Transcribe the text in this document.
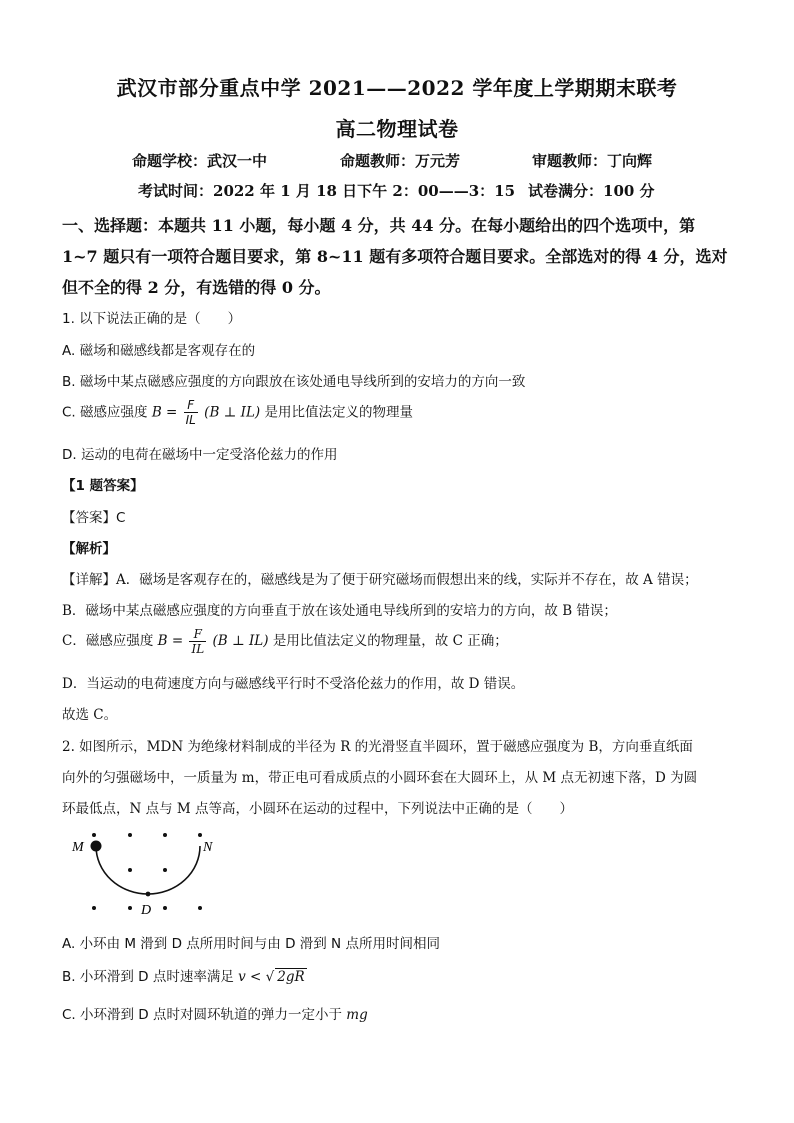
武汉市部分重点中学 2021——2022 学年度上学期期末联考
高二物理试卷
命题学校：武汉一中	命题教师：万元芳	审题教师：丁向辉
考试时间：2022 年 1 月 18 日下午 2：00——3：15 试卷满分：100 分
一、选择题：本题共 11 小题，每小题 4 分，共 44 分。在每小题给出的四个选项中，第 1~7 题只有一项符合题目要求，第 8~11 题有多项符合题目要求。全部选对的得 4 分，选对但不全的得 2 分，有选错的得 0 分。
1. 以下说法正确的是（　　）
A. 磁场和磁感线都是客观存在的
B. 磁场中某点磁感应强度的方向跟放在该处通电导线所到的安培力的方向一致
C. 磁感应强度 $B = \frac{F}{IL} (B$ ⊥ IL) 是用比值法定义的物理量
D. 运动的电荷在磁场中一定受洛伦兹力的作用
【1 题答案】
【答案】C
【解析】
【详解】A．磁场是客观存在的，磁感线是为了便于研究磁场而假想出来的线，实际并不存在，故 A 错误；
B．磁场中某点磁感应强度的方向垂直于放在该处通电导线所到的安培力的方向，故 B 错误；
C．磁感应强度 $B = \frac{F}{IL} (B$ ⊥ IL) 是用比值法定义的物理量，故 C 正确；
D．当运动的电荷速度方向与磁感线平行时不受洛伦兹力的作用，故 D 错误。
故选 C。
2. 如图所示，MDN 为绝缘材料制成的半径为 R 的光滑竖直半圆环，置于磁感应强度为 B，方向垂直纸面
向外的匀强磁场中，一质量为 m，带正电可看成质点的小圆环套在大圆环上，从 M 点无初速下落，D 为圆
环最低点，N 点与 M 点等高，小圆环在运动的过程中，下列说法中正确的是（　　）
M	N
D
A. 小环由 M 滑到 D 点所用时间与由 D 滑到 N 点所用时间相同
B. 小环滑到 D 点时速率满足 v < √ 2gR
C. 小环滑到 D 点时对圆环轨道的弹力一定小于 mg
